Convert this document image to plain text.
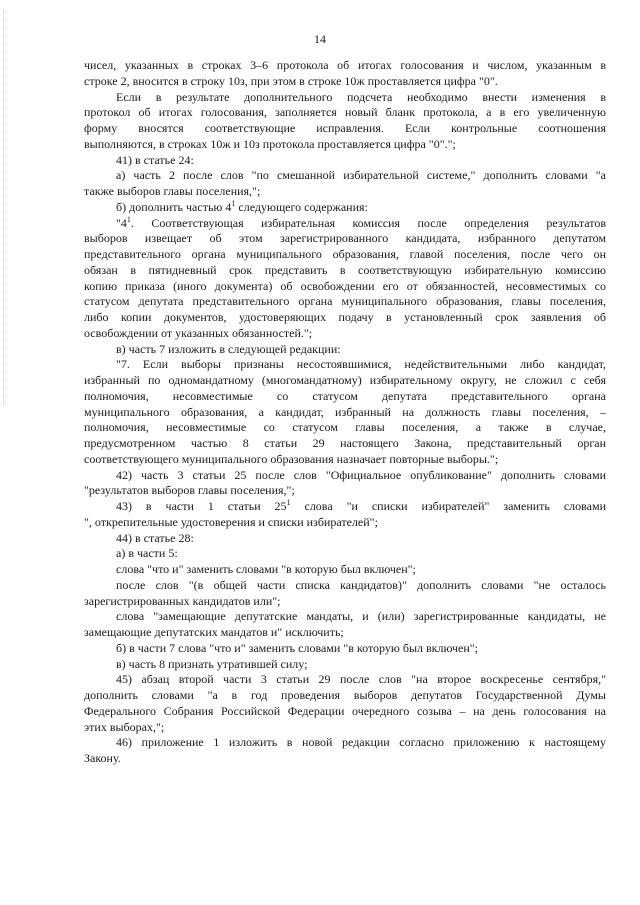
14
чисел, указанных в строках 3–6 протокола об итогах голосования и числом, указанным в
строке 2, вносится в строку 10з, при этом в строке 10ж проставляется цифра "0".
Если в результате дополнительного подсчета необходимо внести изменения в
протокол об итогах голосования, заполняется новый бланк протокола, а в его увеличенную
форму вносятся соответствующие исправления. Если контрольные соотношения
выполняются, в строках 10ж и 10з протокола проставляется цифра "0".";
41) в статье 24:
а) часть 2 после слов "по смешанной избирательной системе," дополнить словами "а
также выборов главы поселения,";
б) дополнить частью $4^1$ следующего содержания:
"$4^1$. Соответствующая избирательная комиссия после определения результатов
выборов извещает об этом зарегистрированного кандидата, избранного депутатом
представительного органа муниципального образования, главой поселения, после чего он
обязан в пятидневный срок представить в соответствующую избирательную комиссию
копию приказа (иного документа) об освобождении его от обязанностей, несовместимых со
статусом депутата представительного органа муниципального образования, главы поселения,
либо копии документов, удостоверяющих подачу в установленный срок заявления об
освобождении от указанных обязанностей.";
в) часть 7 изложить в следующей редакции:
"7. Если выборы признаны несостоявшимися, недействительными либо кандидат,
избранный по одномандатному (многомандатному) избирательному округу, не сложил с себя
полномочия, несовместимые со статусом депутата представительного органа
муниципального образования, а кандидат, избранный на должность главы поселения, –
полномочия, несовместимые со статусом главы поселения, а также в случае,
предусмотренном частью 8 статьи 29 настоящего Закона, представительный орган
соответствующего муниципального образования назначает повторные выборы.";
42) часть 3 статьи 25 после слов "Официальное опубликование" дополнить словами
"результатов выборов главы поселения,";
43) в части 1 статьи $25^1$ слова "и списки избирателей" заменить словами
", открепительные удостоверения и списки избирателей";
44) в статье 28:
а) в части 5:
слова "что и" заменить словами "в которую был включен";
после слов "(в общей части списка кандидатов)" дополнить словами "не осталось
зарегистрированных кандидатов или";
слова "замещающие депутатские мандаты, и (или) зарегистрированные кандидаты, не
замещающие депутатских мандатов и" исключить;
б) в части 7 слова "что и" заменить словами "в которую был включен";
в) часть 8 признать утратившей силу;
45) абзац второй части 3 статьи 29 после слов "на второе воскресенье сентября,"
дополнить словами "а в год проведения выборов депутатов Государственной Думы
Федерального Собрания Российской Федерации очередного созыва – на день голосования на
этих выборах,";
46) приложение 1 изложить в новой редакции согласно приложению к настоящему
Закону.
